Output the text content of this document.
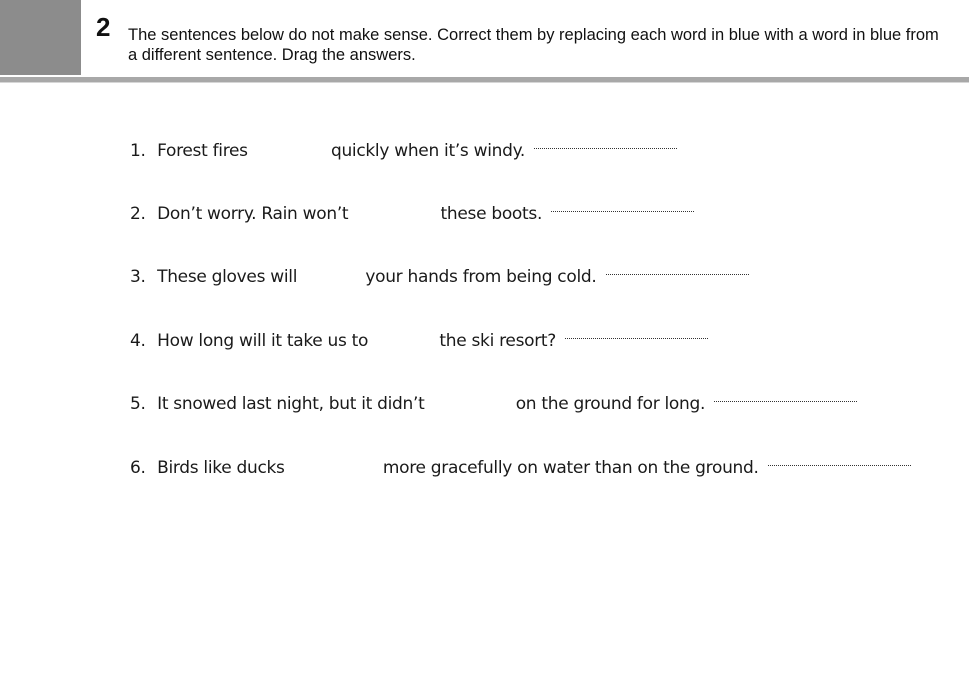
2 The sentences below do not make sense. Correct them by replacing each word in blue with a word in blue from a different sentence. Drag the answers.
1. Forest fires	quickly when it’s windy.
2. Don’t worry. Rain won’t	these boots.
3. These gloves will	your hands from being cold.
4. How long will it take us to	the ski resort?
5. It snowed last night, but it didn’t	on the ground for long.
6. Birds like ducks	more gracefully on water than on the ground.
